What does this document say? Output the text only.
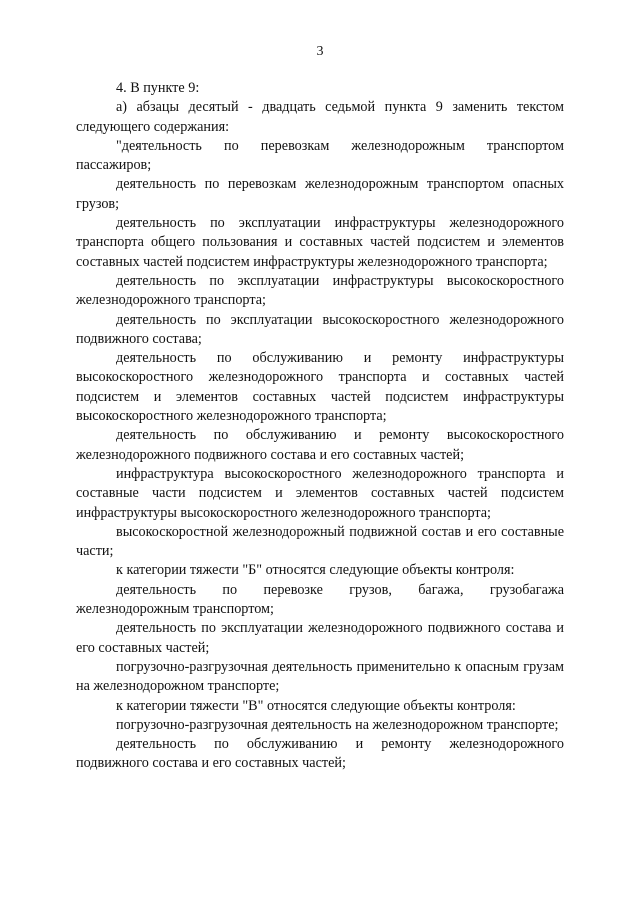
3

4. В пункте 9:

а) абзацы десятый - двадцать седьмой пункта 9 заменить текстом следующего содержания:

"деятельность по перевозкам железнодорожным транспортом пассажиров;

деятельность по перевозкам железнодорожным транспортом опасных грузов;

деятельность по эксплуатации инфраструктуры железнодорожного транспорта общего пользования и составных частей подсистем и элементов составных частей подсистем инфраструктуры железнодорожного транспорта;

деятельность по эксплуатации инфраструктуры высокоскоростного железнодорожного транспорта;

деятельность по эксплуатации высокоскоростного железнодорожного подвижного состава;

деятельность по обслуживанию и ремонту инфраструктуры высокоскоростного железнодорожного транспорта и составных частей подсистем и элементов составных частей подсистем инфраструктуры высокоскоростного железнодорожного транспорта;

деятельность по обслуживанию и ремонту высокоскоростного железнодорожного подвижного состава и его составных частей;

инфраструктура высокоскоростного железнодорожного транспорта и составные части подсистем и элементов составных частей подсистем инфраструктуры высокоскоростного железнодорожного транспорта;

высокоскоростной железнодорожный подвижной состав и его составные части;

к категории тяжести "Б" относятся следующие объекты контроля:

деятельность по перевозке грузов, багажа, грузобагажа железнодорожным транспортом;

деятельность по эксплуатации железнодорожного подвижного состава и его составных частей;

погрузочно-разгрузочная деятельность применительно к опасным грузам на железнодорожном транспорте;

к категории тяжести "В" относятся следующие объекты контроля:

погрузочно-разгрузочная деятельность на железнодорожном транспорте;

деятельность по обслуживанию и ремонту железнодорожного подвижного состава и его составных частей;
